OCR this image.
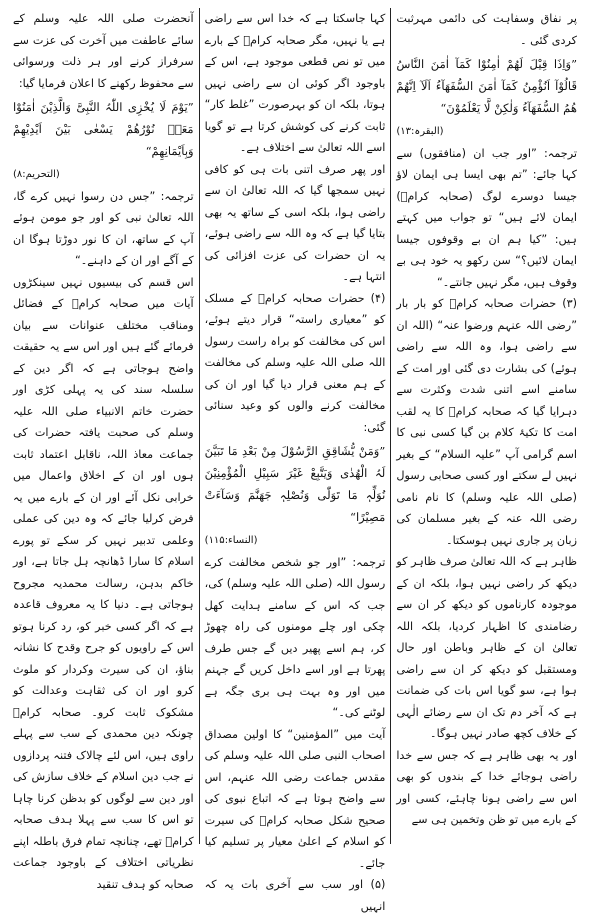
پر نفاق وسفاہت کی دائمی مہرثبت کردی گئی ۔

”وَاِذَا قِیْلَ لَھُمْ اٰمِنُوْا کَمَآ اٰمَنَ النَّاسُ قَالُوْآ اَنُؤْمِنُ کَمَآ اٰمَنَ السُّفَھَآءُ اَلَآ اِنَّھُمْ ھُمُ السُّفَھَآءُ وَلٰکِنْ لَّا یَعْلَمُوْنَ“

(البقرہ:۱۳)

ترجمہ: ”اور جب ان (منافقوں) سے کہا جائے: ”تم بھی ایسا ہی ایمان لاؤ جیسا دوسرے لوگ (صحابہ کرامؓ) ایمان لائے ہیں“ تو جواب میں کہتے ہیں: ”کیا ہم ان بے وقوفوں جیسا ایمان لائیں؟“ سن رکھو یہ خود ہی بے وقوف ہیں، مگر نہیں جانتے۔“

(۳) حضرات صحابہ کرامؓ کو بار بار ”رضی اللہ عنہم ورضوا عنہ“ (اللہ ان سے راضی ہوا، وہ اللہ سے راضی ہوئے) کی بشارت دی گئی اور امت کے سامنے اسے اتنی شدت وکثرت سے دہرایا گیا کہ صحابہ کرامؓ کا یہ لقب امت کا تکیۂ کلام بن گیا کسی نبی کا اسم گرامی آپ ”علیہ السلام“ کے بغیر نہیں لے سکتے اور کسی صحابی رسول (صلی اللہ علیہ وسلم) کا نام نامی رضی اللہ عنہ کے بغیر مسلمان کی زبان پر جاری نہیں ہوسکتا۔

ظاہر ہے کہ اللہ تعالیٰ صرف ظاہر کو دیکھ کر راضی نہیں ہوا، بلکہ ان کے موجودہ کارناموں کو دیکھ کر ان سے رضامندی کا اظہار کردیا، بلکہ اللہ تعالیٰ ان کے ظاہر وباطن اور حال ومستقبل کو دیکھ کر ان سے راضی ہوا ہے، سو گویا اس بات کی ضمانت ہے کہ آخر دم تک ان سے رضائے الٰہی کے خلاف کچھ صادر نہیں ہوگا۔

اور یہ بھی ظاہر ہے کہ جس سے خدا راضی ہوجائے خدا کے بندوں کو بھی اس سے راضی ہونا چاہئے، کسی اور کے بارے میں تو ظن وتخمین ہی سے

کہا جاسکتا ہے کہ خدا اس سے راضی ہے یا نہیں، مگر صحابہ کرامؓ کے بارے میں تو نص قطعی موجود ہے، اس کے باوجود اگر کوئی ان سے راضی نہیں ہوتا، بلکہ ان کو بہرصورت ”غلط کار“ ثابت کرنے کی کوشش کرتا ہے تو گویا اسے اللہ تعالیٰ سے اختلاف ہے۔

اور پھر صرف اتنی بات ہی کو کافی نہیں سمجھا گیا کہ اللہ تعالیٰ ان سے راضی ہوا، بلکہ اسی کے ساتھ یہ بھی بتایا گیا ہے کہ وہ اللہ سے راضی ہوئے، یہ ان حضرات کی عزت افزائی کی انتہا ہے۔

(۴) حضرات صحابہ کرامؓ کے مسلک کو ”معیاری راستہ“ قرار دیتے ہوئے، اس کی مخالفت کو براہ راست رسول اللہ صلی اللہ علیہ وسلم کی مخالفت کے ہم معنی قرار دیا گیا اور ان کی مخالفت کرنے والوں کو وعید سنائی گئی:

”وَمَنْ یُّشَاقِقِ الرَّسُوْلَ مِنْ بَعْدِ مَا تَبَیَّنَ لَہُ الْھُدٰی وَیَتَّبِعْ غَیْرَ سَبِیْلِ الْمُؤْمِنِیْنَ نُوَلِّہٖ مَا تَوَلّٰی وَنُصْلِہٖ جَھَنَّمَ وَسَآءَتْ مَصِیْرًا“

(النساء:۱۱۵)

ترجمہ: ”اور جو شخص مخالفت کرے رسول اللہ (صلی اللہ علیہ وسلم) کی، جب کہ اس کے سامنے ہدایت کھل چکی اور چلے مومنوں کی راہ چھوڑ کر، ہم اسے پھیر دیں گے جس طرف پھرتا ہے اور اسے داخل کریں گے جہنم میں اور وہ بہت ہی بری جگہ ہے لوٹنے کی۔“

آیت میں ”المؤمنین“ کا اولین مصداق اصحاب النبی صلی اللہ علیہ وسلم کی مقدس جماعت رضی اللہ عنہم، اس سے واضح ہوتا ہے کہ اتباع نبوی کی صحیح شکل صحابہ کرامؓ کی سیرت کو اسلام کے اعلیٰ معیار پر تسلیم کیا جائے۔

(۵) اور سب سے آخری بات یہ کہ انہیں

آنحضرت صلی اللہ علیہ وسلم کے سائے عاطفت میں آخرت کی عزت سے سرفراز کرنے اور ہر ذلت ورسوائی سے محفوظ رکھنے کا اعلان فرمایا گیا:

”یَوْمَ لَا یُخْزِی اللّٰہُ النَّبِیَّ وَالَّذِیْنَ اٰمَنُوْا مَعَہٗ نُوْرُھُمْ یَسْعٰی بَیْنَ اَیْدِیْھِمْ وَبِاَیْمَانِھِمْ“

(التحریم:۸)

ترجمہ: ”جس دن رسوا نہیں کرے گا، اللہ تعالیٰ نبی کو اور جو مومن ہوئے آپ کے ساتھ، ان کا نور دوڑتا ہوگا ان کے آگے اور ان کے داہنے۔“

اس قسم کی بیسیوں نہیں سینکڑوں آیات میں صحابہ کرامؓ کے فضائل ومناقب مختلف عنوانات سے بیان فرمائے گئے ہیں اور اس سے یہ حقیقت واضح ہوجاتی ہے کہ اگر دین کے سلسلہ سند کی یہ پہلی کڑی اور حضرت خاتم الانبیاء صلی اللہ علیہ وسلم کی صحبت یافتہ حضرات کی جماعت معاذ اللہ، ناقابل اعتماد ثابت ہوں اور ان کے اخلاق واعمال میں خرابی نکل آئے اور ان کے بارے میں یہ فرض کرلیا جائے کہ وہ دین کی عملی وعلمی تدبیر نہیں کر سکے تو پورے اسلام کا سارا ڈھانچہ ہل جاتا ہے، اور خاکم بدہن، رسالت محمدیہ مجروح ہوجاتی ہے۔ دنیا کا یہ معروف قاعدہ ہے کہ اگر کسی خبر کو، رد کرنا ہوتو اس کے راویوں کو جرح وقدح کا نشانہ بناؤ، ان کی سیرت وکردار کو ملوث کرو اور ان کی ثقاہت وعدالت کو مشکوک ثابت کرو۔ صحابہ کرامؓ چونکہ دین محمدی کے سب سے پہلے راوی ہیں، اس لئے چالاک فتنہ پردازوں نے جب دین اسلام کے خلاف سازش کی اور دین سے لوگوں کو بدظن کرنا چاہا تو اس کا سب سے پہلا ہدف صحابہ کرامؓ تھے، چنانچہ تمام فرق باطلہ اپنے نظریاتی اختلاف کے باوجود جماعت صحابہ کو ہدف تنقید
